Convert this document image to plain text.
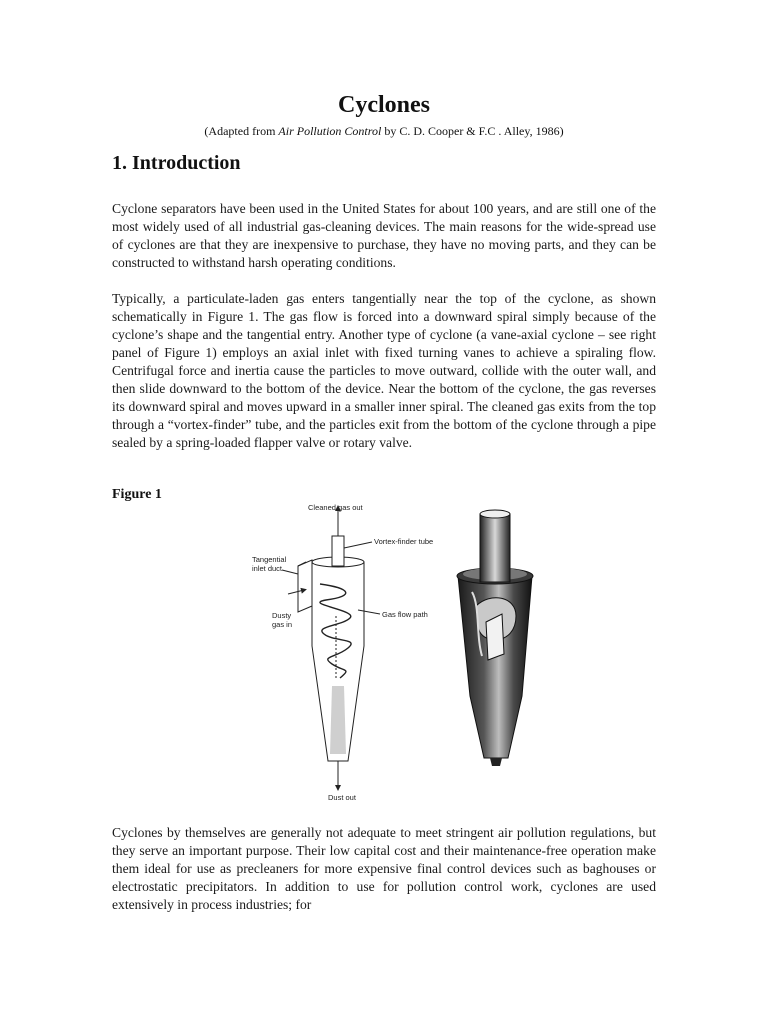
Cyclones
(Adapted from Air Pollution Control by C. D. Cooper & F.C . Alley, 1986)
1. Introduction

Cyclone separators have been used in the United States for about 100 years, and are still one of the most widely used of all industrial gas-cleaning devices. The main reasons for the wide-spread use of cyclones are that they are inexpensive to purchase, they have no moving parts, and they can be constructed to withstand harsh operating conditions.

Typically, a particulate-laden gas enters tangentially near the top of the cyclone, as shown schematically in Figure 1. The gas flow is forced into a downward spiral simply because of the cyclone’s shape and the tangential entry. Another type of cyclone (a vane-axial cyclone – see right panel of Figure 1) employs an axial inlet with fixed turning vanes to achieve a spiraling flow. Centrifugal force and inertia cause the particles to move outward, collide with the outer wall, and then slide downward to the bottom of the device. Near the bottom of the cyclone, the gas reverses its downward spiral and moves upward in a smaller inner spiral. The cleaned gas exits from the top through a “vortex-finder” tube, and the particles exit from the bottom of the cyclone through a pipe sealed by a spring-loaded flapper valve or rotary valve.

Figure 1
Cleaned gas out
Vortex-finder tube
Tangential
inlet duct
Dusty
gas in
Gas flow path
Dust out

Cyclones by themselves are generally not adequate to meet stringent air pollution regulations, but they serve an important purpose. Their low capital cost and their maintenance-free operation make them ideal for use as precleaners for more expensive final control devices such as baghouses or electrostatic precipitators. In addition to use for pollution control work, cyclones are used extensively in process industries; for
